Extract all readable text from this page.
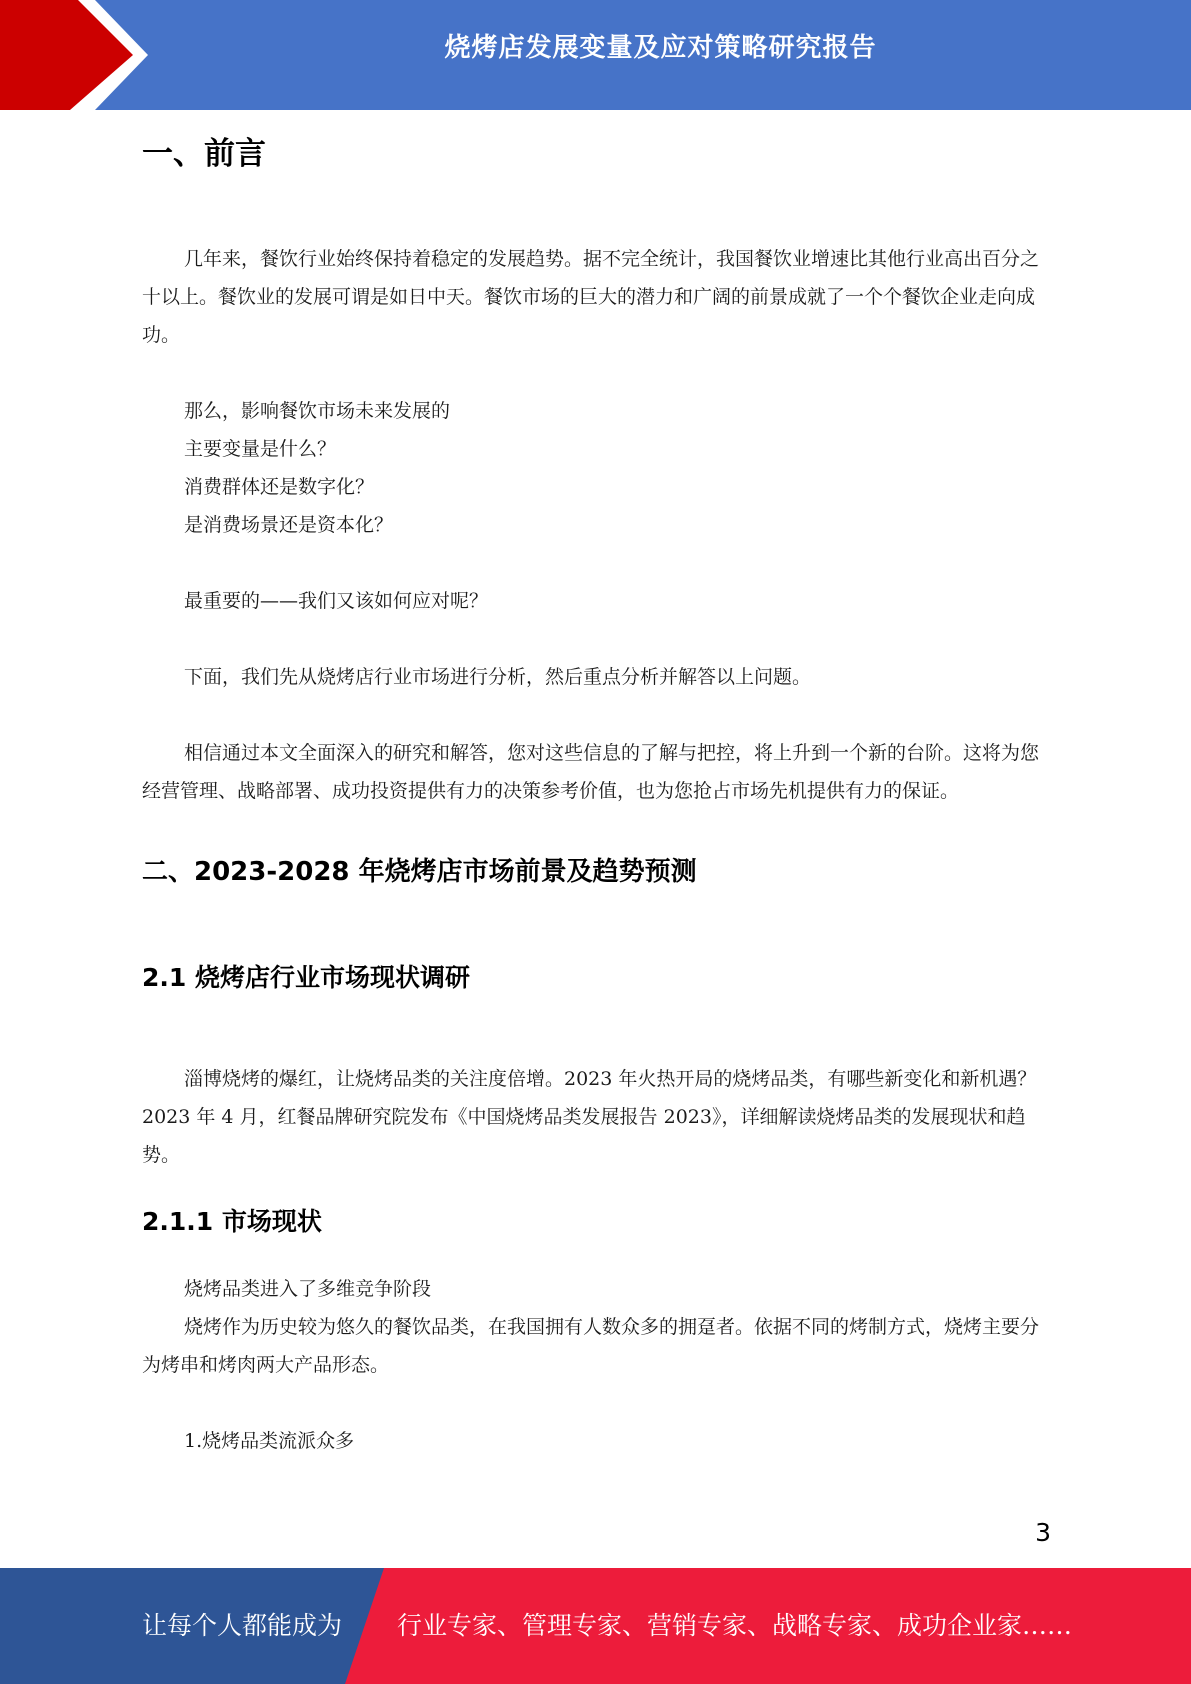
烧烤店发展变量及应对策略研究报告
一、前言

几年来，餐饮行业始终保持着稳定的发展趋势。据不完全统计，我国餐饮业增速比其他行业高出百分之十以上。餐饮业的发展可谓是如日中天。餐饮市场的巨大的潜力和广阔的前景成就了一个个餐饮企业走向成功。

那么，影响餐饮市场未来发展的

主要变量是什么？

消费群体还是数字化？

是消费场景还是资本化？

最重要的——我们又该如何应对呢？

下面，我们先从烧烤店行业市场进行分析，然后重点分析并解答以上问题。

相信通过本文全面深入的研究和解答，您对这些信息的了解与把控，将上升到一个新的台阶。这将为您经营管理、战略部署、成功投资提供有力的决策参考价值，也为您抢占市场先机提供有力的保证。

二、2023-2028 年烧烤店市场前景及趋势预测
2.1 烧烤店行业市场现状调研

淄博烧烤的爆红，让烧烤品类的关注度倍增。2023 年火热开局的烧烤品类，有哪些新变化和新机遇？2023 年 4 月，红餐品牌研究院发布《中国烧烤品类发展报告 2023》，详细解读烧烤品类的发展现状和趋势。

2.1.1 市场现状

烧烤品类进入了多维竞争阶段

烧烤作为历史较为悠久的餐饮品类，在我国拥有人数众多的拥趸者。依据不同的烤制方式，烧烤主要分为烤串和烤肉两大产品形态。

1.烧烤品类流派众多

3
让每个人都能成为 行业专家、管理专家、营销专家、战略专家、成功企业家……
